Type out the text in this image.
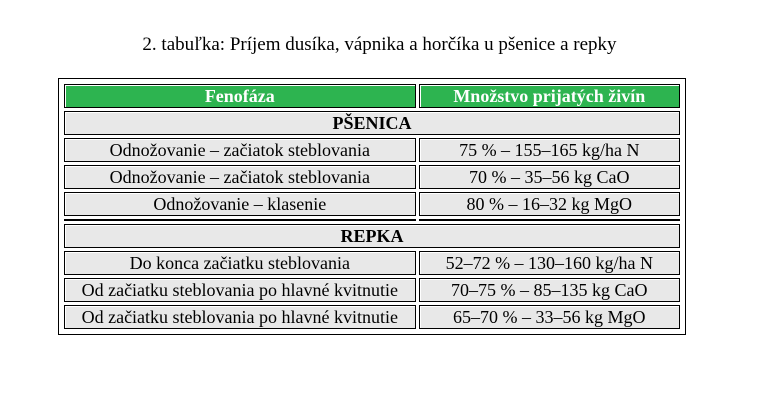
2. tabuľka: Príjem dusíka, vápnika a horčíka u pšenice a repky
Fenofáza	Množstvo prijatých živín
PŠENICA	
Odnožovanie – začiatok steblovania	75 % – 155–165 kg/ha N
Odnožovanie – začiatok steblovania	70 % – 35–56 kg CaO
Odnožovanie – klasenie	80 % – 16–32 kg MgO

REPKA	
Do konca začiatku steblovania	52–72 % – 130–160 kg/ha N
Od začiatku steblovania po hlavné kvitnutie	70–75 % – 85–135 kg CaO
Od začiatku steblovania po hlavné kvitnutie	65–70 % – 33–56 kg MgO
